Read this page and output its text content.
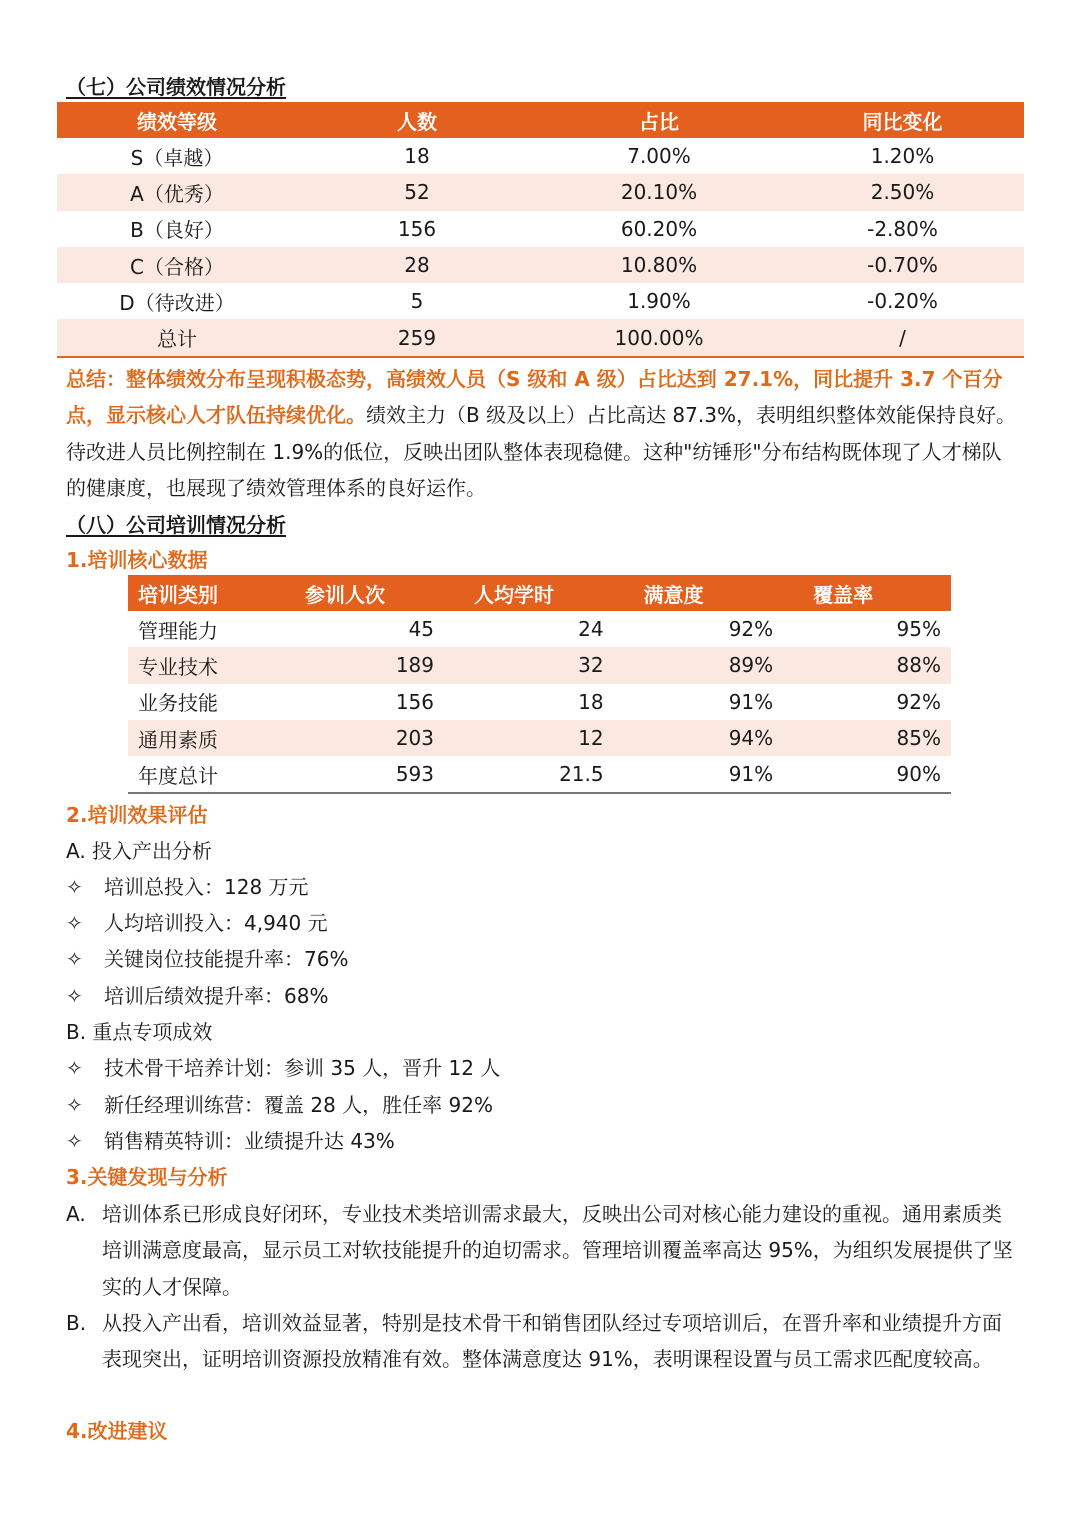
（七）公司绩效情况分析
绩效等级	人数	占比	同比变化
S（卓越）	18	7.00%	1.20%
A（优秀）	52	20.10%	2.50%
B（良好）	156	60.20%	-2.80%
C（合格）	28	10.80%	-0.70%
D（待改进）	5	1.90%	-0.20%
总计	259	100.00%	/
总结：整体绩效分布呈现积极态势，高绩效人员（S 级和 A 级）占比达到 27.1%，同比提升 3.7 个百分点，显示核心人才队伍持续优化。绩效主力（B 级及以上）占比高达 87.3%，表明组织整体效能保持良好。待改进人员比例控制在 1.9%的低位，反映出团队整体表现稳健。这种"纺锤形"分布结构既体现了人才梯队的健康度，也展现了绩效管理体系的良好运作。
（八）公司培训情况分析
1.培训核心数据
培训类别	参训人次	人均学时	满意度	覆盖率
管理能力	45	24	92%	95%
专业技术	189	32	89%	88%
业务技能	156	18	91%	92%
通用素质	203	12	94%	85%
年度总计	593	21.5	91%	90%
2.培训效果评估
A. 投入产出分析
✧ 培训总投入：128 万元
✧ 人均培训投入：4,940 元
✧ 关键岗位技能提升率：76%
✧ 培训后绩效提升率：68%
B. 重点专项成效
✧ 技术骨干培养计划：参训 35 人，晋升 12 人
✧ 新任经理训练营：覆盖 28 人，胜任率 92%
✧ 销售精英特训：业绩提升达 43%
3.关键发现与分析
A. 培训体系已形成良好闭环，专业技术类培训需求最大，反映出公司对核心能力建设的重视。通用素质类培训满意度最高，显示员工对软技能提升的迫切需求。管理培训覆盖率高达 95%，为组织发展提供了坚实的人才保障。
B. 从投入产出看，培训效益显著，特别是技术骨干和销售团队经过专项培训后，在晋升率和业绩提升方面表现突出，证明培训资源投放精准有效。整体满意度达 91%，表明课程设置与员工需求匹配度较高。
4.改进建议
